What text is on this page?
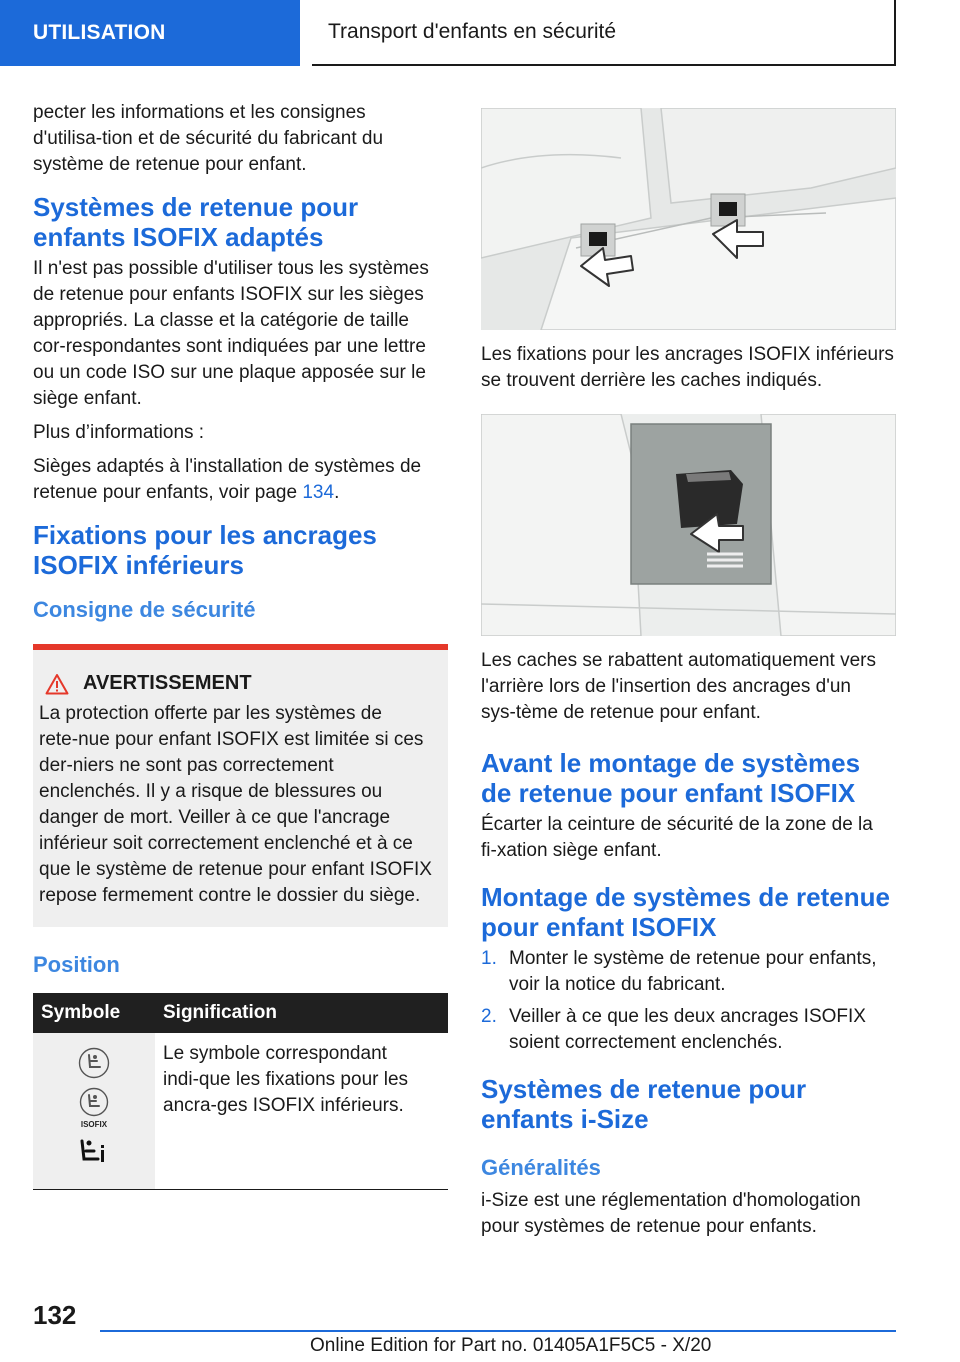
UTILISATION	Transport d'enfants en sécurité

pecter les informations et les consignes d'utilisa‑tion et de sécurité du fabricant du système de retenue pour enfant.

Systèmes de retenue pour enfants ISOFIX adaptés

Il n'est pas possible d'utiliser tous les systèmes de retenue pour enfants ISOFIX sur les sièges appropriés. La classe et la catégorie de taille cor‑respondantes sont indiquées par une lettre ou un code ISO sur une plaque apposée sur le siège enfant.

Plus d’informations :

Sièges adaptés à l'installation de systèmes de retenue pour enfants, voir page 134.

Fixations pour les ancrages ISOFIX inférieurs
Consigne de sécurité
AVERTISSEMENT

La protection offerte par les systèmes de rete‑nue pour enfant ISOFIX est limitée si ces der‑niers ne sont pas correctement enclenchés. Il y a risque de blessures ou danger de mort. Veiller à ce que l'ancrage inférieur soit correctement enclenché et à ce que le système de retenue pour enfant ISOFIX repose fermement contre le dossier du siège.

Position
Symbole	Signification

ISOFIX	Le symbole correspondant indi‑que les fixations pour les ancra‑ges ISOFIX inférieurs.

Les fixations pour les ancrages ISOFIX inférieurs se trouvent derrière les caches indiqués.

Les caches se rabattent automatiquement vers l'arrière lors de l'insertion des ancrages d'un sys‑tème de retenue pour enfant.

Avant le montage de systèmes de retenue pour enfant ISOFIX

Écarter la ceinture de sécurité de la zone de la fi‑xation siège enfant.

Montage de systèmes de retenue pour enfant ISOFIX
1. Monter le système de retenue pour enfants, voir la notice du fabricant.
2. Veiller à ce que les deux ancrages ISOFIX soient correctement enclenchés.
Systèmes de retenue pour enfants i-Size
Généralités

i-Size est une réglementation d'homologation pour systèmes de retenue pour enfants.

132
Online Edition for Part no. 01405A1F5C5 - X/20
